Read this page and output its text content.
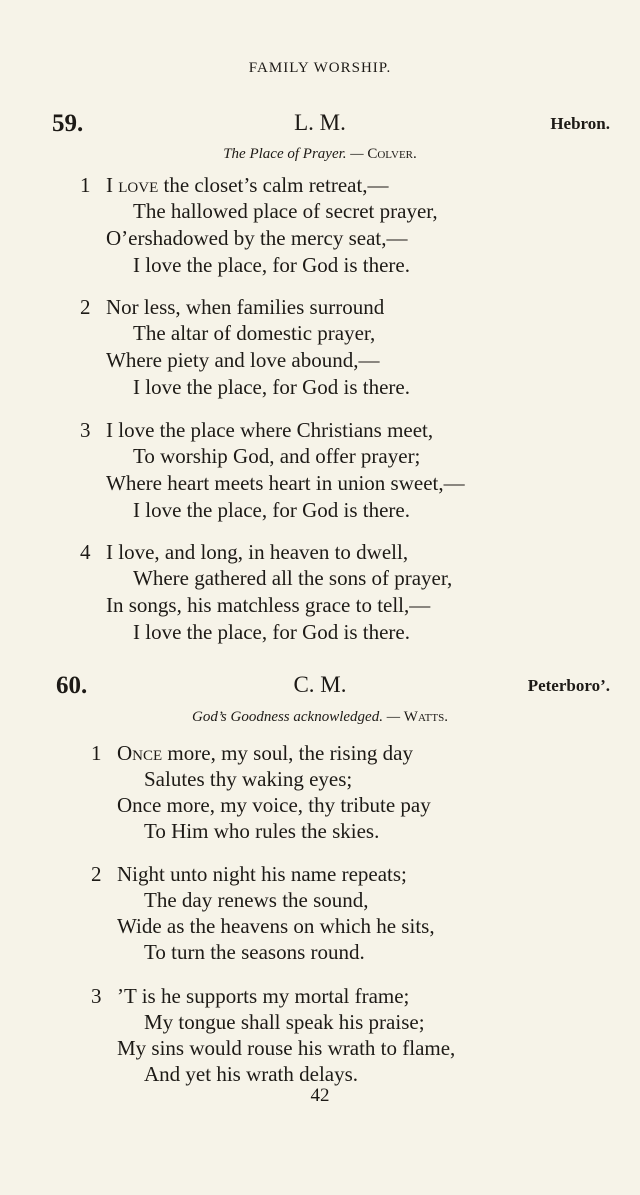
FAMILY WORSHIP.
59.	L. M.	Hebron.
The Place of Prayer. — Colver.
1 I love the closet’s calm retreat,—
The hallowed place of secret prayer,
O’ershadowed by the mercy seat,—
I love the place, for God is there.
2 Nor less, when families surround
The altar of domestic prayer,
Where piety and love abound,—
I love the place, for God is there.
3 I love the place where Christians meet,
To worship God, and offer prayer;
Where heart meets heart in union sweet,—
I love the place, for God is there.
4 I love, and long, in heaven to dwell,
Where gathered all the sons of prayer,
In songs, his matchless grace to tell,—
I love the place, for God is there.
60.	C. M.	Peterboro’.
God’s Goodness acknowledged. — Watts.
1 Once more, my soul, the rising day
Salutes thy waking eyes;
Once more, my voice, thy tribute pay
To Him who rules the skies.
2 Night unto night his name repeats;
The day renews the sound,
Wide as the heavens on which he sits,
To turn the seasons round.
3 ’T is he supports my mortal frame;
My tongue shall speak his praise;
My sins would rouse his wrath to flame,
And yet his wrath delays.
42
